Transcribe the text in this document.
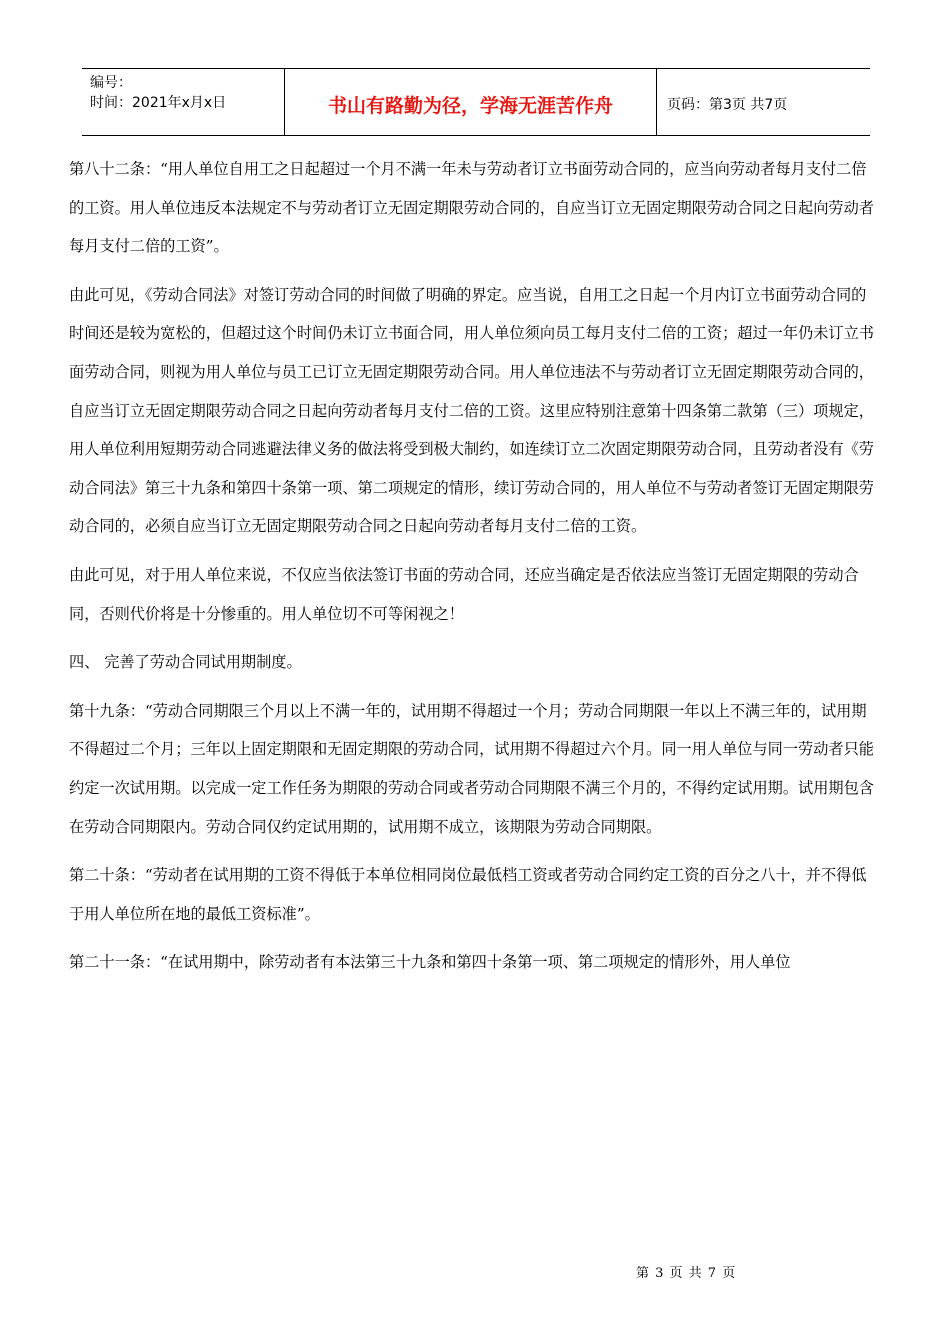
编号：
时间：2021年x月x日	书山有路勤为径，学海无涯苦作舟	页码：第3页 共7页

第八十二条：“用人单位自用工之日起超过一个月不满一年未与劳动者订立书面劳动合同的，应当向劳动者每月支付二倍的工资。用人单位违反本法规定不与劳动者订立无固定期限劳动合同的，自应当订立无固定期限劳动合同之日起向劳动者每月支付二倍的工资”。

由此可见，《劳动合同法》对签订劳动合同的时间做了明确的界定。应当说，自用工之日起一个月内订立书面劳动合同的时间还是较为宽松的，但超过这个时间仍未订立书面合同，用人单位须向员工每月支付二倍的工资；超过一年仍未订立书面劳动合同，则视为用人单位与员工已订立无固定期限劳动合同。用人单位违法不与劳动者订立无固定期限劳动合同的，自应当订立无固定期限劳动合同之日起向劳动者每月支付二倍的工资。这里应特别注意第十四条第二款第（三）项规定，用人单位利用短期劳动合同逃避法律义务的做法将受到极大制约，如连续订立二次固定期限劳动合同，且劳动者没有《劳动合同法》第三十九条和第四十条第一项、第二项规定的情形，续订劳动合同的，用人单位不与劳动者签订无固定期限劳动合同的，必须自应当订立无固定期限劳动合同之日起向劳动者每月支付二倍的工资。

由此可见，对于用人单位来说，不仅应当依法签订书面的劳动合同，还应当确定是否依法应当签订无固定期限的劳动合同，否则代价将是十分惨重的。用人单位切不可等闲视之！

四、 完善了劳动合同试用期制度。

第十九条：“劳动合同期限三个月以上不满一年的，试用期不得超过一个月；劳动合同期限一年以上不满三年的，试用期不得超过二个月；三年以上固定期限和无固定期限的劳动合同，试用期不得超过六个月。同一用人单位与同一劳动者只能约定一次试用期。以完成一定工作任务为期限的劳动合同或者劳动合同期限不满三个月的，不得约定试用期。试用期包含在劳动合同期限内。劳动合同仅约定试用期的，试用期不成立，该期限为劳动合同期限。

第二十条：“劳动者在试用期的工资不得低于本单位相同岗位最低档工资或者劳动合同约定工资的百分之八十，并不得低于用人单位所在地的最低工资标准”。

第二十一条：“在试用期中，除劳动者有本法第三十九条和第四十条第一项、第二项规定的情形外，用人单位

第 3 页 共 7 页
